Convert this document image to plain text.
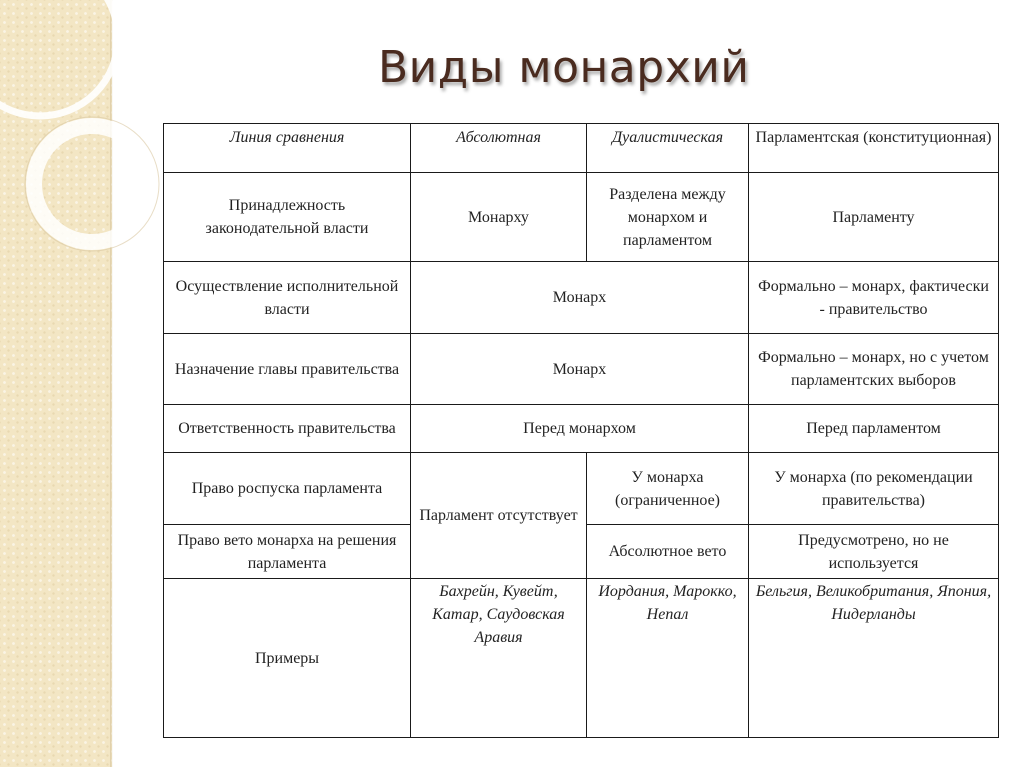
Виды монархий
Линия сравнения	Абсолютная	Дуалистическая	Парламентская (конституционная)
Принадлежность законодательной власти	Монарху	Разделена между монархом и парламентом	Парламенту
Осуществление исполнительной власти	Монарх		Формально – монарх, фактически - правительство
Назначение главы правительства	Монарх		Формально – монарх, но с учетом парламентских выборов
Ответственность правительства	Перед монархом		Перед парламентом
Право роспуска парламента	Парламент отсутствует	У монарха (ограниченное)	У монарха (по рекомендации правительства)
Право вето монарха на решения парламента		Абсолютное вето	Предусмотрено, но не используется
Примеры	Бахрейн, Кувейт, Катар, Саудовская Аравия	Иордания, Марокко, Непал	Бельгия, Великобритания, Япония, Нидерланды
